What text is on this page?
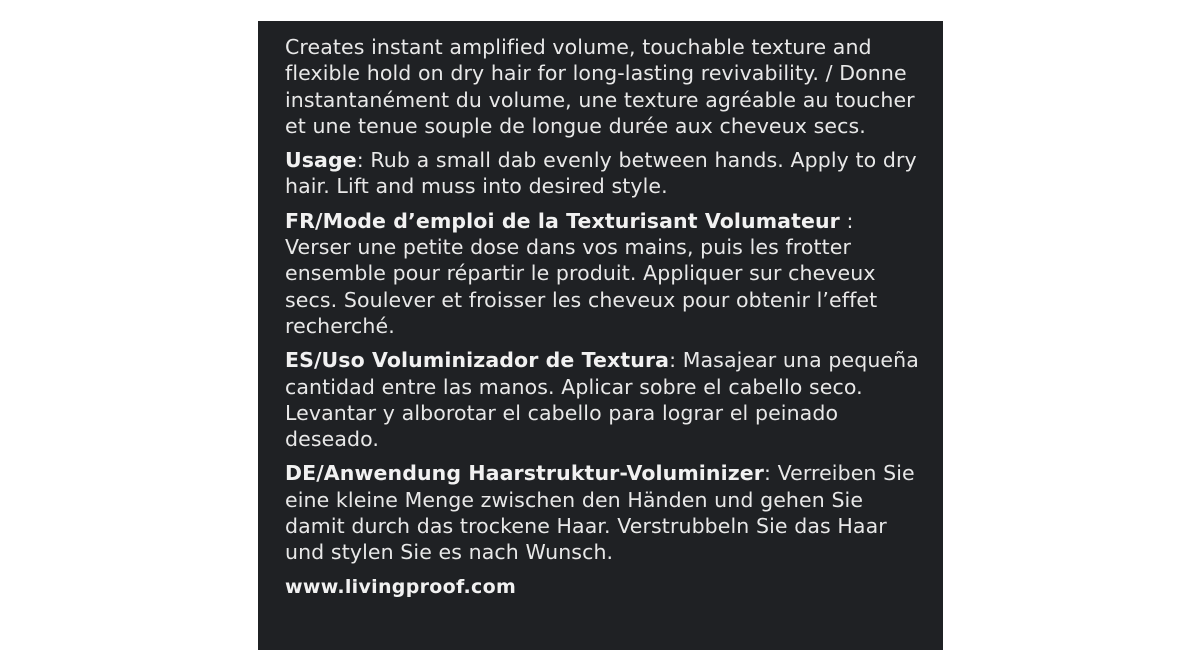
Creates instant amplified volume, touchable texture and flexible hold on dry hair for long-lasting revivability. / Donne instantanément du volume, une texture agréable au toucher et une tenue souple de longue durée aux cheveux secs.

Usage: Rub a small dab evenly between hands. Apply to dry hair. Lift and muss into desired style.

FR/Mode d’emploi de la Texturisant Volumateur : Verser une petite dose dans vos mains, puis les frotter ensemble pour répartir le produit. Appliquer sur cheveux secs. Soulever et froisser les cheveux pour obtenir l’effet recherché.

ES/Uso Voluminizador de Textura: Masajear una pequeña cantidad entre las manos. Aplicar sobre el cabello seco. Levantar y alborotar el cabello para lograr el peinado deseado.

DE/Anwendung Haarstruktur-Voluminizer: Verreiben Sie eine kleine Menge zwischen den Händen und gehen Sie damit durch das trockene Haar. Verstrubbeln Sie das Haar und stylen Sie es nach Wunsch.

www.livingproof.com
